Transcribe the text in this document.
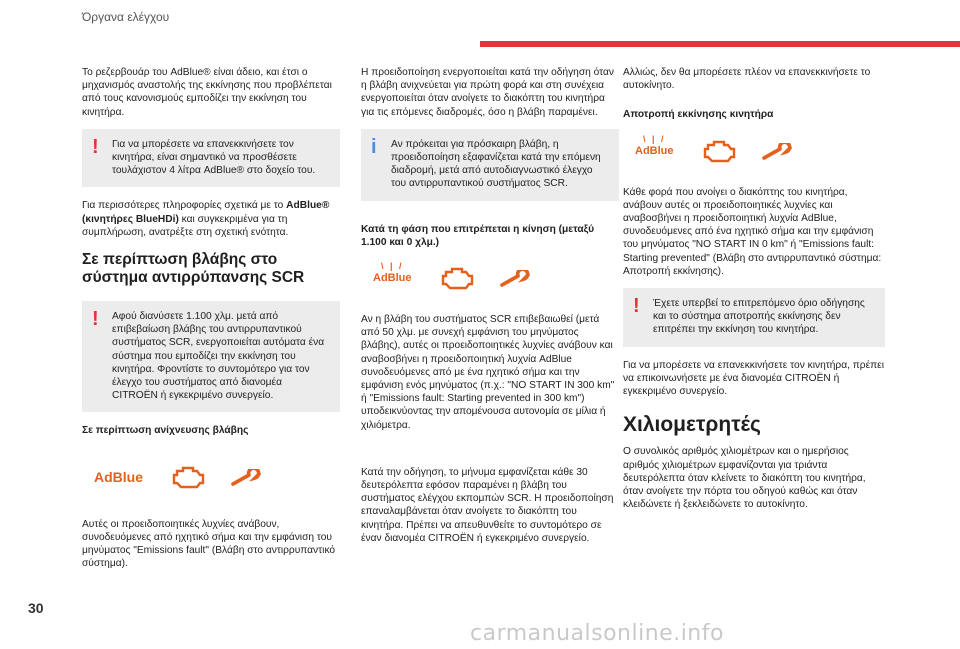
Όργανα ελέγχου

Το ρεζερβουάρ του AdBlue® είναι άδειο, και έτσι ο μηχανισμός αναστολής της εκκίνησης που προβλέπεται από τους κανονισμούς εμποδίζει την εκκίνηση του κινητήρα.

! Για να μπορέσετε να επανεκκινήσετε τον κινητήρα, είναι σημαντικό να προσθέσετε τουλάχιστον 4 λίτρα AdBlue® στο δοχείο του.

Για περισσότερες πληροφορίες σχετικά με το AdBlue® (κινητήρες BlueHDi) και συγκεκριμένα για τη συμπλήρωση, ανατρέξτε στη σχετική ενότητα.

Σε περίπτωση βλάβης στο σύστημα αντιρρύπανσης SCR
! Αφού διανύσετε 1.100 χλμ. μετά από επιβεβαίωση βλάβης του αντιρρυπαντικού συστήματος SCR, ενεργοποιείται αυτόματα ένα σύστημα που εμποδίζει την εκκίνηση του κινητήρα. Φροντίστε το συντομότερο για τον έλεγχο του συστήματος από διανομέα CITROËN ή εγκεκριμένο συνεργείο.
Σε περίπτωση ανίχνευσης βλάβης
AdBlue

Αυτές οι προειδοποιητικές λυχνίες ανάβουν, συνοδευόμενες από ηχητικό σήμα και την εμφάνιση του μηνύματος "Emissions fault" (Βλάβη στο αντιρρυπαντικό σύστημα).

Η προειδοποίηση ενεργοποιείται κατά την οδήγηση όταν η βλάβη ανιχνεύεται για πρώτη φορά και στη συνέχεια ενεργοποιείται όταν ανοίγετε το διακόπτη του κινητήρα για τις επόμενες διαδρομές, όσο η βλάβη παραμένει.

i Αν πρόκειται για πρόσκαιρη βλάβη, η προειδοποίηση εξαφανίζεται κατά την επόμενη διαδρομή, μετά από αυτοδιαγνωστικό έλεγχο του αντιρρυπαντικού συστήματος SCR.
Κατά τη φάση που επιτρέπεται η κίνηση (μεταξύ 1.100 και 0 χλμ.)
\ | / AdBlue

Αν η βλάβη του συστήματος SCR επιβεβαιωθεί (μετά από 50 χλμ. με συνεχή εμφάνιση του μηνύματος βλάβης), αυτές οι προειδοποιητικές λυχνίες ανάβουν και αναβοσβήνει η προειδοποιητική λυχνία AdBlue συνοδευόμενες από με ένα ηχητικό σήμα και την εμφάνιση ενός μηνύματος (π.χ.: "NO START IN 300 km" ή "Emissions fault: Starting prevented in 300 km") υποδεικνύοντας την απομένουσα αυτονομία σε μίλια ή χιλιόμετρα.

Κατά την οδήγηση, το μήνυμα εμφανίζεται κάθε 30 δευτερόλεπτα εφόσον παραμένει η βλάβη του συστήματος ελέγχου εκπομπών SCR. Η προειδοποίηση επαναλαμβάνεται όταν ανοίγετε το διακόπτη του κινητήρα. Πρέπει να απευθυνθείτε το συντομότερο σε έναν διανομέα CITROËN ή εγκεκριμένο συνεργείο.

Αλλιώς, δεν θα μπορέσετε πλέον να επανεκκινήσετε το αυτοκίνητο.

Αποτροπή εκκίνησης κινητήρα
\ | / AdBlue

Κάθε φορά που ανοίγει ο διακόπτης του κινητήρα, ανάβουν αυτές οι προειδοποιητικές λυχνίες και αναβοσβήνει η προειδοποιητική λυχνία AdBlue, συνοδευόμενες από ένα ηχητικό σήμα και την εμφάνιση του μηνύματος "NO START IN 0 km" ή "Emissions fault: Starting prevented" (Βλάβη στο αντιρρυπαντικό σύστημα: Αποτροπή εκκίνησης).

! Έχετε υπερβεί το επιτρεπόμενο όριο οδήγησης και το σύστημα αποτροπής εκκίνησης δεν επιτρέπει την εκκίνηση του κινητήρα.

Για να μπορέσετε να επανεκκινήσετε τον κινητήρα, πρέπει να επικοινωνήσετε με ένα διανομέα CITROËN ή εγκεκριμένο συνεργείο.

Χιλιομετρητές

Ο συνολικός αριθμός χιλιομέτρων και ο ημερήσιος αριθμός χιλιομέτρων εμφανίζονται για τριάντα δευτερόλεπτα όταν κλείνετε το διακόπτη του κινητήρα, όταν ανοίγετε την πόρτα του οδηγού καθώς και όταν κλειδώνετε ή ξεκλειδώνετε το αυτοκίνητο.

30
carmanualsonline.info
